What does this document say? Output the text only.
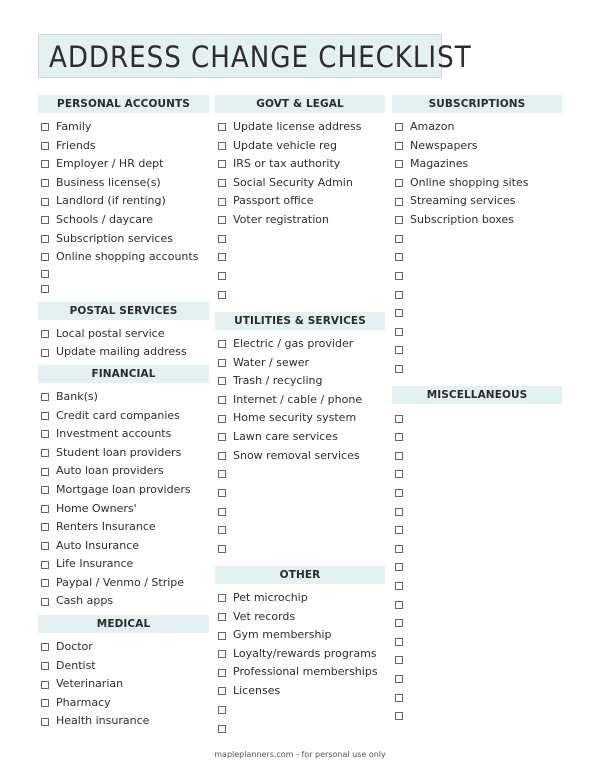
ADDRESS CHANGE CHECKLIST
PERSONAL ACCOUNTS
Family
Friends
Employer / HR dept
Business license(s)
Landlord (if renting)
Schools / daycare
Subscription services
Online shopping accounts
POSTAL SERVICES
Local postal service
Update mailing address
FINANCIAL
Bank(s)
Credit card companies
Investment accounts
Student loan providers
Auto loan providers
Mortgage loan providers
Home Owners'
Renters Insurance
Auto Insurance
Life Insurance
Paypal / Venmo / Stripe
Cash apps
MEDICAL
Doctor
Dentist
Veterinarian
Pharmacy
Health insurance
GOVT & LEGAL
Update license address
Update vehicle reg
IRS or tax authority
Social Security Admin
Passport office
Voter registration
UTILITIES & SERVICES
Electric / gas provider
Water / sewer
Trash / recycling
Internet / cable / phone
Home security system
Lawn care services
Snow removal services
OTHER
Pet microchip
Vet records
Gym membership
Loyalty/rewards programs
Professional memberships
Licenses
SUBSCRIPTIONS
Amazon
Newspapers
Magazines
Online shopping sites
Streaming services
Subscription boxes
MISCELLANEOUS
mapleplanners.com - for personal use only
